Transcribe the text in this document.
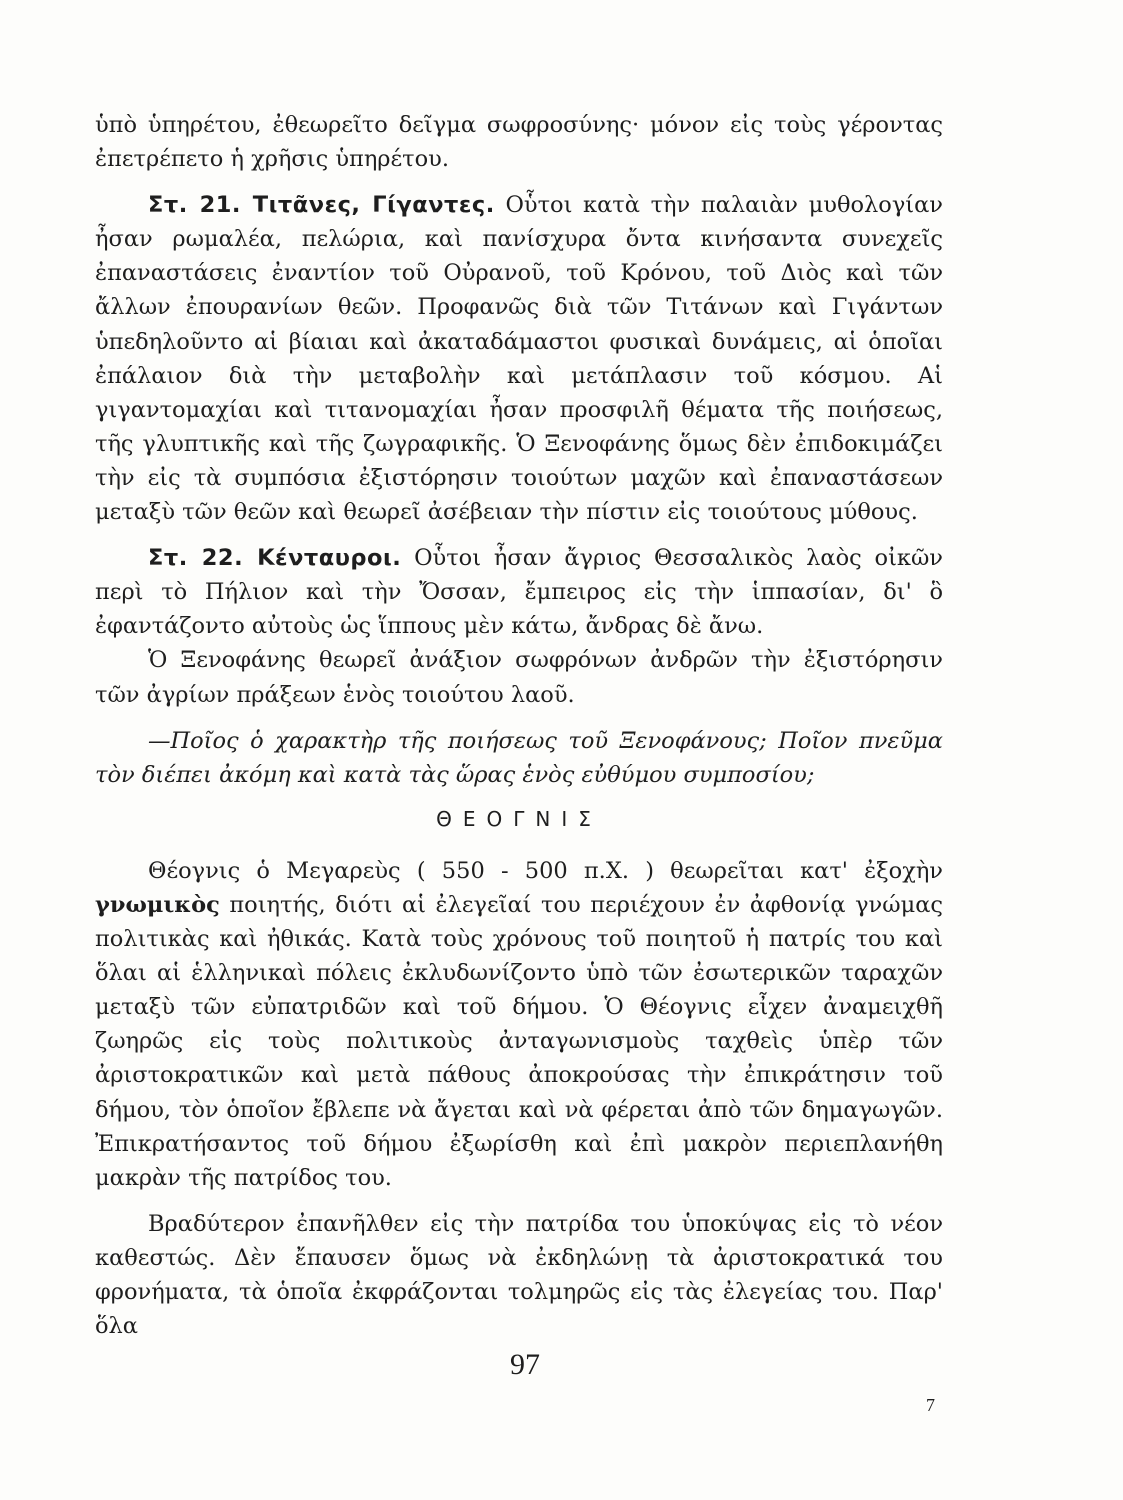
ὑπὸ ὑπηρέτου, ἐθεωρεῖτο δεῖγμα σωφροσύνης· μόνον εἰς τοὺς γέροντας ἐπετρέπετο ἡ χρῆσις ὑπηρέτου.

Στ. 21. Τιτᾶνες, Γίγαντες. Οὗτοι κατὰ τὴν παλαιὰν μυθολογίαν ἦσαν ρωμαλέα, πελώρια, καὶ πανίσχυρα ὄντα κινήσαντα συνεχεῖς ἐπαναστάσεις ἐναντίον τοῦ Οὐρανοῦ, τοῦ Κρόνου, τοῦ Διὸς καὶ τῶν ἄλλων ἐπουρανίων θεῶν. Προφανῶς διὰ τῶν Τιτάνων καὶ Γιγάντων ὑπεδηλοῦντο αἱ βίαιαι καὶ ἀκαταδάμαστοι φυσικαὶ δυνάμεις, αἱ ὁποῖαι ἐπάλαιον διὰ τὴν μεταβολὴν καὶ μετάπλασιν τοῦ κόσμου. Αἱ γιγαντομαχίαι καὶ τιτανομαχίαι ἦσαν προσφιλῆ θέματα τῆς ποιήσεως, τῆς γλυπτικῆς καὶ τῆς ζωγραφικῆς. Ὁ Ξενοφάνης ὅμως δὲν ἐπιδοκιμάζει τὴν εἰς τὰ συμπόσια ἐξιστόρησιν τοιούτων μαχῶν καὶ ἐπαναστάσεων μεταξὺ τῶν θεῶν καὶ θεωρεῖ ἀσέβειαν τὴν πίστιν εἰς τοιούτους μύθους.

Στ. 22. Κένταυροι. Οὗτοι ἦσαν ἄγριος Θεσσαλικὸς λαὸς οἰκῶν περὶ τὸ Πήλιον καὶ τὴν Ὄσσαν, ἔμπειρος εἰς τὴν ἱππασίαν, δι' ὃ ἐφαντάζοντο αὐτοὺς ὡς ἵππους μὲν κάτω, ἄνδρας δὲ ἄνω.

Ὁ Ξενοφάνης θεωρεῖ ἀνάξιον σωφρόνων ἀνδρῶν τὴν ἐξιστόρησιν τῶν ἀγρίων πράξεων ἑνὸς τοιούτου λαοῦ.

—Ποῖος ὁ χαρακτὴρ τῆς ποιήσεως τοῦ Ξενοφάνους; Ποῖον πνεῦμα τὸν διέπει ἀκόμη καὶ κατὰ τὰς ὥρας ἑνὸς εὐθύμου συμποσίου;

ΘΕΟΓΝΙΣ

Θέογνις ὁ Μεγαρεὺς ( 550 - 500 π.Χ. ) θεωρεῖται κατ' ἐξοχὴν γνωμικὸς ποιητής, διότι αἱ ἐλεγεῖαί του περιέχουν ἐν ἀφθονίᾳ γνώμας πολιτικὰς καὶ ἠθικάς. Κατὰ τοὺς χρόνους τοῦ ποιητοῦ ἡ πατρίς του καὶ ὅλαι αἱ ἑλληνικαὶ πόλεις ἐκλυδωνίζοντο ὑπὸ τῶν ἐσωτερικῶν ταραχῶν μεταξὺ τῶν εὐπατριδῶν καὶ τοῦ δήμου. Ὁ Θέογνις εἶχεν ἀναμειχθῆ ζωηρῶς εἰς τοὺς πολιτικοὺς ἀνταγωνισμοὺς ταχθεὶς ὑπὲρ τῶν ἀριστοκρατικῶν καὶ μετὰ πάθους ἀποκρούσας τὴν ἐπικράτησιν τοῦ δήμου, τὸν ὁποῖον ἔβλεπε νὰ ἄγεται καὶ νὰ φέρεται ἀπὸ τῶν δημαγωγῶν. Ἐπικρατήσαντος τοῦ δήμου ἐξωρίσθη καὶ ἐπὶ μακρὸν περιεπλανήθη μακρὰν τῆς πατρίδος του.

Βραδύτερον ἐπανῆλθεν εἰς τὴν πατρίδα του ὑποκύψας εἰς τὸ νέον καθεστώς. Δὲν ἔπαυσεν ὅμως νὰ ἐκδηλώνῃ τὰ ἀριστοκρατικά του φρονήματα, τὰ ὁποῖα ἐκφράζονται τολμηρῶς εἰς τὰς ἐλεγείας του. Παρ' ὅλα

97
7
